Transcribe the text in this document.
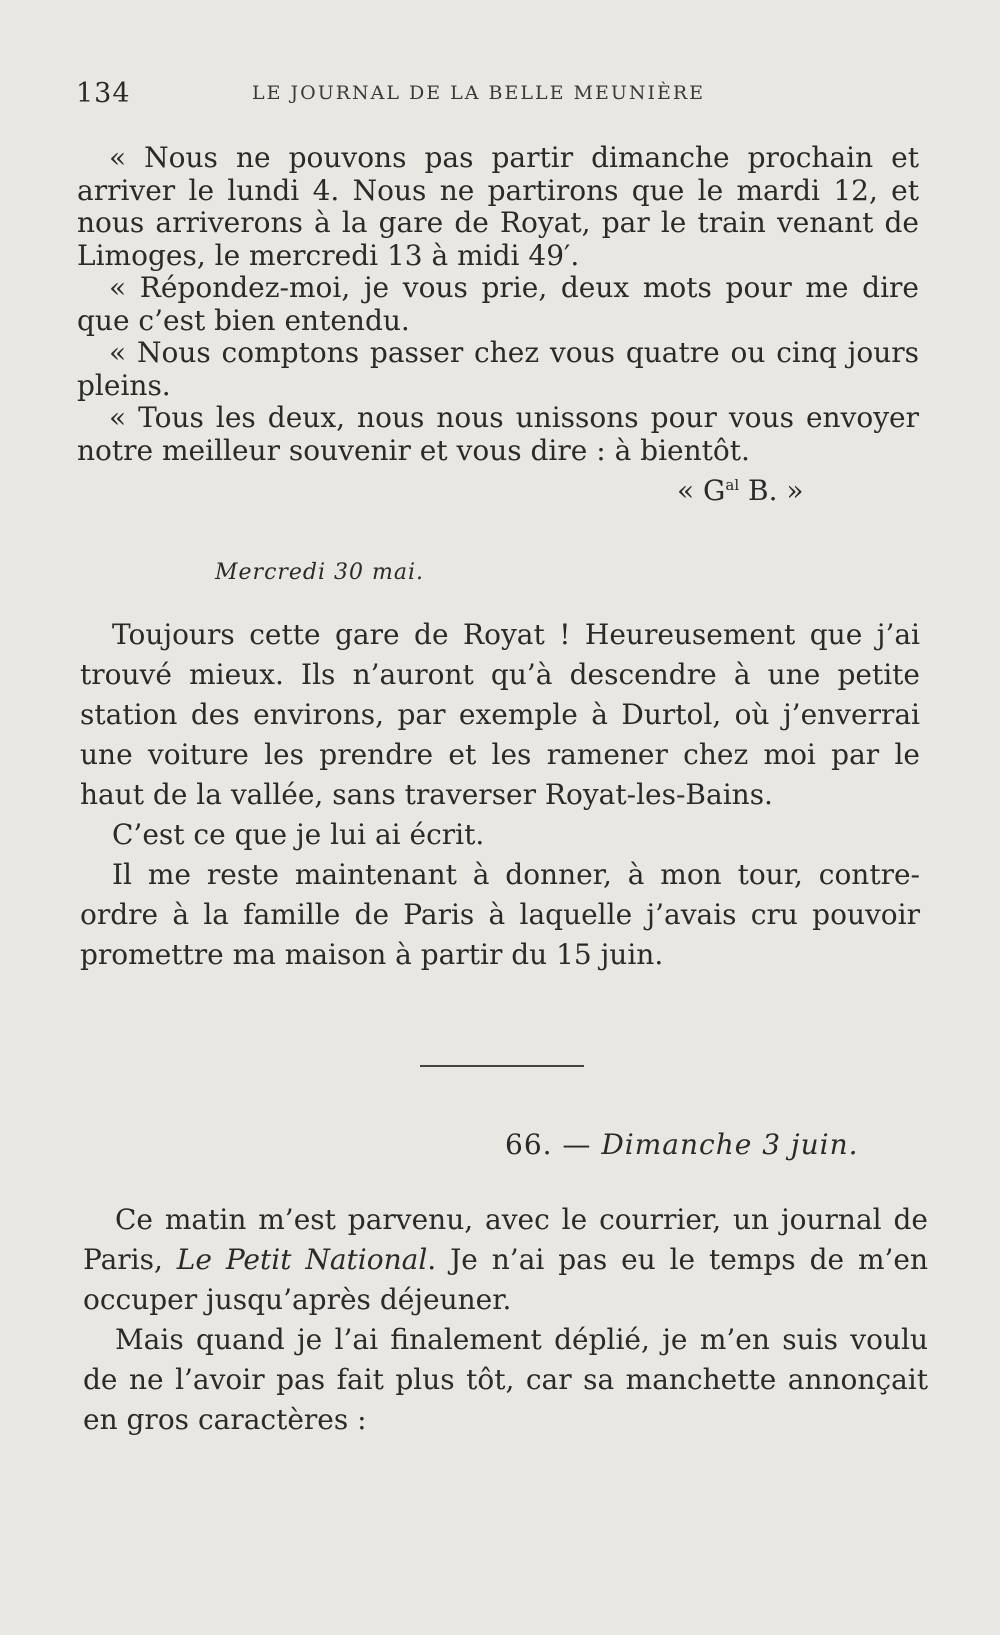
134	LE JOURNAL DE LA BELLE MEUNIÈRE

« Nous ne pouvons pas partir dimanche prochain et arriver le lundi 4. Nous ne partirons que le mardi 12, et nous arriverons à la gare de Royat, par le train venant de Limoges, le mercredi 13 à midi 49′.

« Répondez-moi, je vous prie, deux mots pour me dire que c’est bien entendu.

« Nous comptons passer chez vous quatre ou cinq jours pleins.

« Tous les deux, nous nous unissons pour vous envoyer notre meilleur souvenir et vous dire : à bientôt.

« $G^{al}$ B. »
Mercredi 30 mai.

Toujours cette gare de Royat ! Heureusement que j’ai trouvé mieux. Ils n’auront qu’à descendre à une petite station des environs, par exemple à Durtol, où j’enverrai une voiture les prendre et les ramener chez moi par le haut de la vallée, sans traverser Royat-les-Bains.

C’est ce que je lui ai écrit.

Il me reste maintenant à donner, à mon tour, contre-ordre à la famille de Paris à laquelle j’avais cru pouvoir promettre ma maison à partir du 15 juin.

66. — Dimanche 3 juin.

Ce matin m’est parvenu, avec le courrier, un journal de Paris, Le Petit National. Je n’ai pas eu le temps de m’en occuper jusqu’après déjeuner.

Mais quand je l’ai finalement déplié, je m’en suis voulu de ne l’avoir pas fait plus tôt, car sa manchette annonçait en gros caractères :
